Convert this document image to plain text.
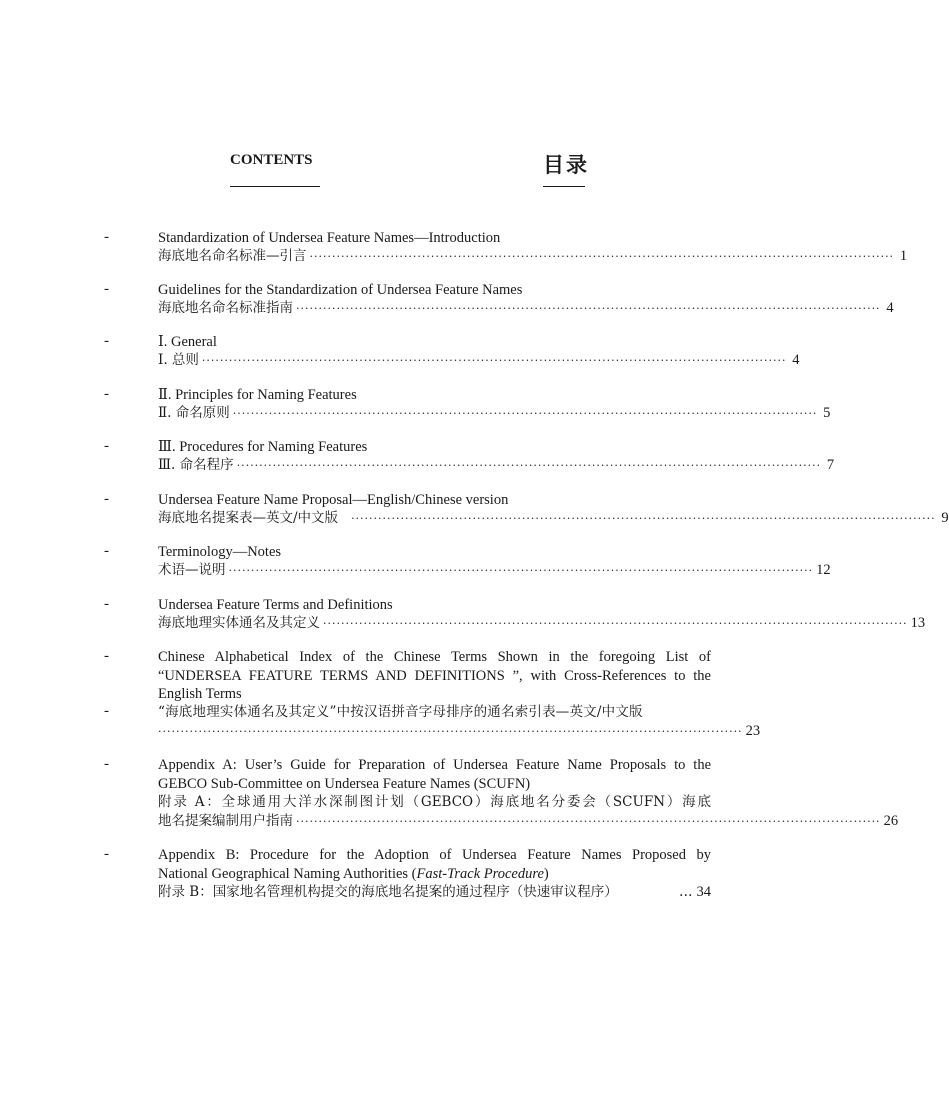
CONTENTS	目录
-	Standardization of Undersea Feature Names—Introduction
海底地名命名标准—引言 ·································································································································· 1
-	Guidelines for the Standardization of Undersea Feature Names
海底地名命名标准指南 ·································································································································· 4
-	Ⅰ. General
Ⅰ. 总则 ·································································································································· 4
-	Ⅱ. Principles for Naming Features
Ⅱ. 命名原则 ·································································································································· 5
-	Ⅲ. Procedures for Naming Features
Ⅲ. 命名程序 ·································································································································· 7
-	Undersea Feature Name Proposal—English/Chinese version
海底地名提案表—英文/中文版 ·································································································································· 9
-	Terminology—Notes
术语—说明 ·································································································································· 12
-	Undersea Feature Terms and Definitions
海底地理实体通名及其定义 ·································································································································· 13
-	Chinese Alphabetical Index of the Chinese Terms Shown in the foregoing List of
“UNDERSEA FEATURE TERMS AND DEFINITIONS ”, with Cross-References to the
English Terms
-	“海底地理实体通名及其定义”中按汉语拼音字母排序的通名索引表—英文/中文版
·································································································································· 23
-	Appendix A: User’s Guide for Preparation of Undersea Feature Name Proposals to the
GEBCO Sub-Committee on Undersea Feature Names (SCUFN)
附录 A：全球通用大洋水深制图计划（GEBCO）海底地名分委会（SCUFN）海底
地名提案编制用户指南 ·································································································································· 26
-	Appendix B: Procedure for the Adoption of Undersea Feature Names Proposed by
National Geographical Naming Authorities (Fast-Track Procedure)
附录 B：国家地名管理机构提交的海底地名提案的通过程序（快速审议程序）	… 34
